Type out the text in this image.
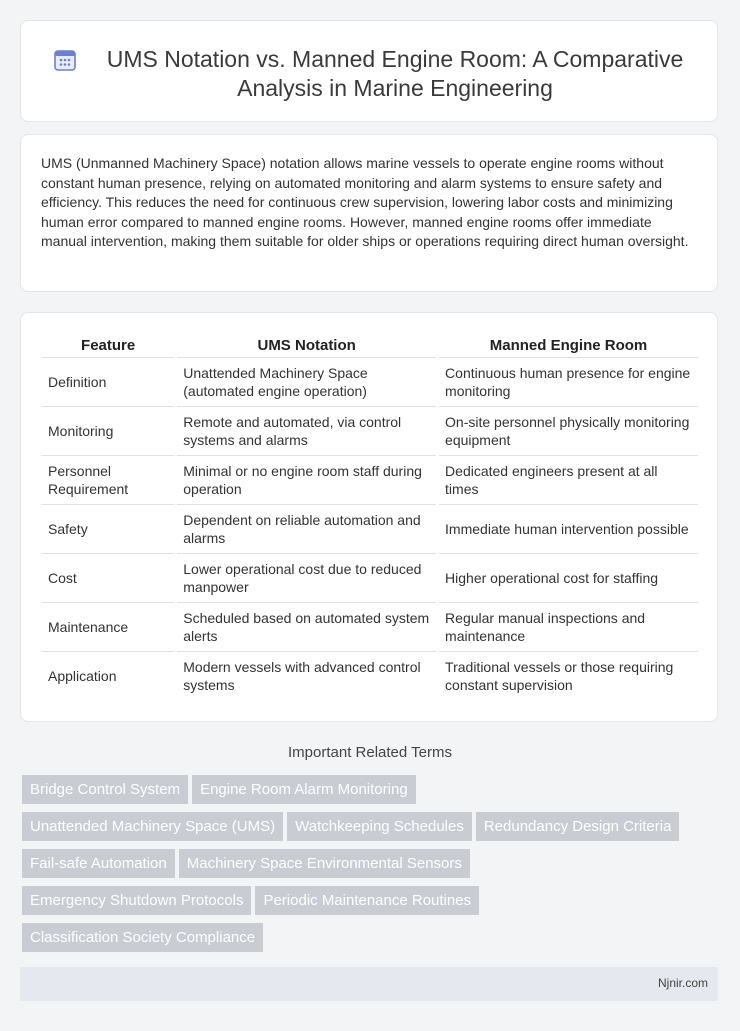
UMS Notation vs. Manned Engine Room: A Comparative Analysis in Marine Engineering
UMS (Unmanned Machinery Space) notation allows marine vessels to operate engine rooms without constant human presence, relying on automated monitoring and alarm systems to ensure safety and efficiency. This reduces the need for continuous crew supervision, lowering labor costs and minimizing human error compared to manned engine rooms. However, manned engine rooms offer immediate manual intervention, making them suitable for older ships or operations requiring direct human oversight.
Feature	UMS Notation	Manned Engine Room
Definition	Unattended Machinery Space (automated engine operation)	Continuous human presence for engine monitoring
Monitoring	Remote and automated, via control systems and alarms	On-site personnel physically monitoring equipment
Personnel Requirement	Minimal or no engine room staff during operation	Dedicated engineers present at all times
Safety	Dependent on reliable automation and alarms	Immediate human intervention possible
Cost	Lower operational cost due to reduced manpower	Higher operational cost for staffing
Maintenance	Scheduled based on automated system alerts	Regular manual inspections and maintenance
Application	Modern vessels with advanced control systems	Traditional vessels or those requiring constant supervision
Important Related Terms
Bridge Control System Engine Room Alarm Monitoring
Unattended Machinery Space (UMS) Watchkeeping Schedules Redundancy Design Criteria
Fail-safe Automation Machinery Space Environmental Sensors
Emergency Shutdown Protocols Periodic Maintenance Routines
Classification Society Compliance
Njnir.com
